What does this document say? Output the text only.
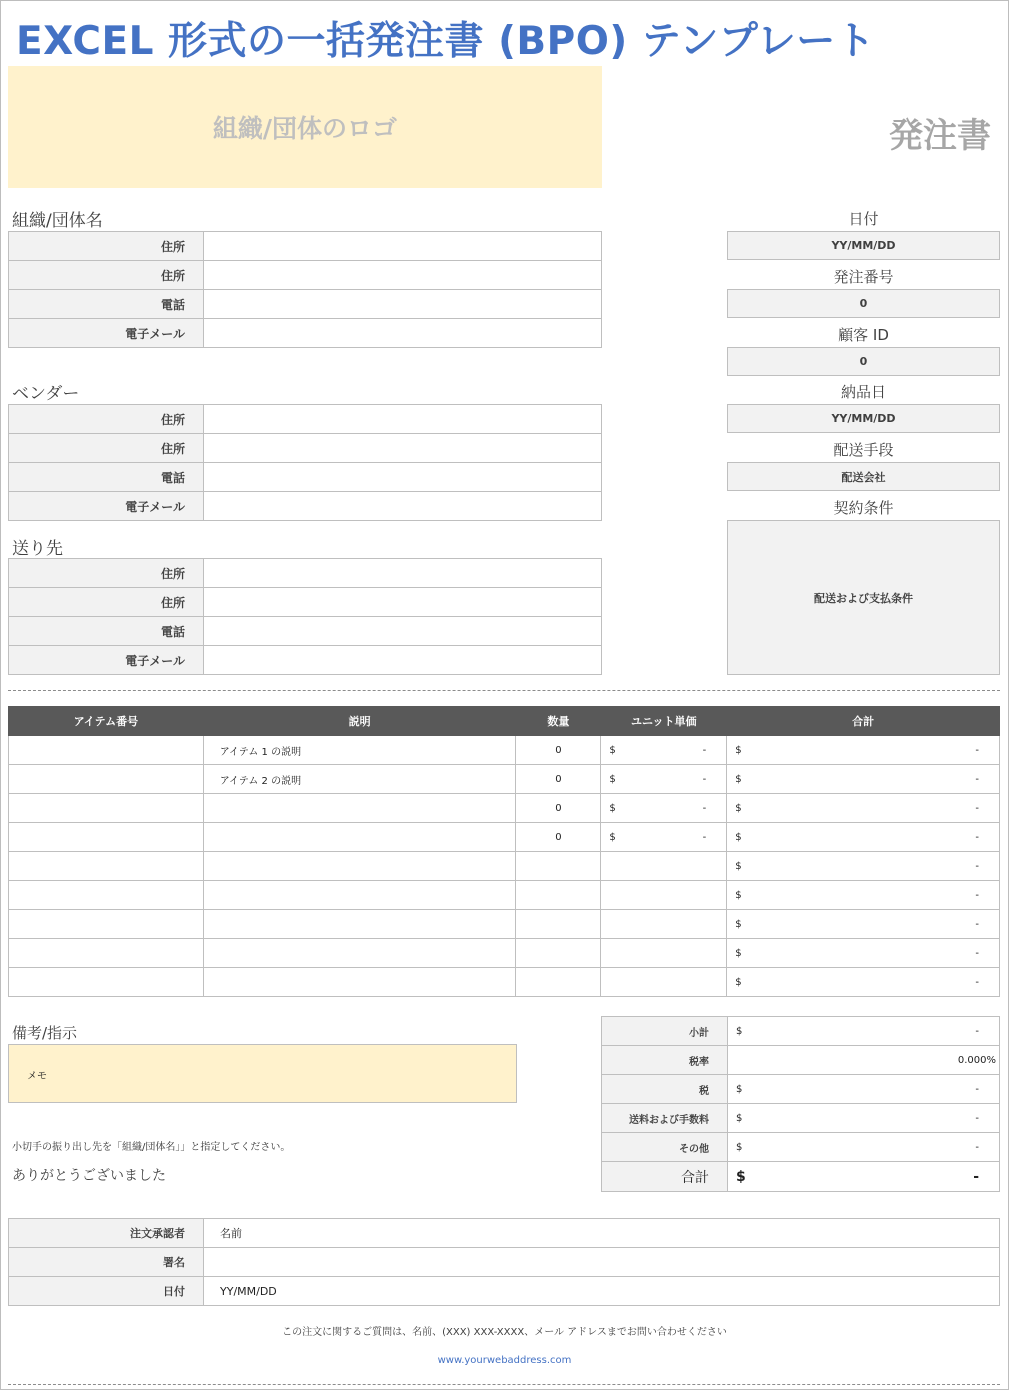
EXCEL 形式の一括発注書 (BPO) テンプレート
組織/団体のロゴ	発注書
組織/団体名
住所	
住所	
電話	
電子メール	
ベンダー
住所	
住所	
電話	
電子メール	
送り先
住所	
住所	
電話	
電子メール	
日付
YY/MM/DD
発注番号
0
顧客 ID
0
納品日
YY/MM/DD
配送手段
配送会社
契約条件
配送および支払条件
アイテム番号	説明	数量	ユニット単価	合計
	アイテム 1 の説明	0	$ -	$ -

	アイテム 2 の説明	0	$ -	$ -

		0	$ -	$ -

		0	$ -	$ -

				$ -

				$ -

				$ -

				$ -

				$ -
備考/指示
メモ
小切手の振り出し先を「組織/団体名」」と指定してください。
ありがとうございました
小計	$ -

税率	0.000%
税	$ -

送料および手数料	$ -

その他	$ -

合計	$ -
注文承認者	名前
署名	
日付	YY/MM/DD
この注文に関するご質問は、名前、(XXX) XXX-XXXX、メール アドレスまでお問い合わせください
www.yourwebaddress.com
